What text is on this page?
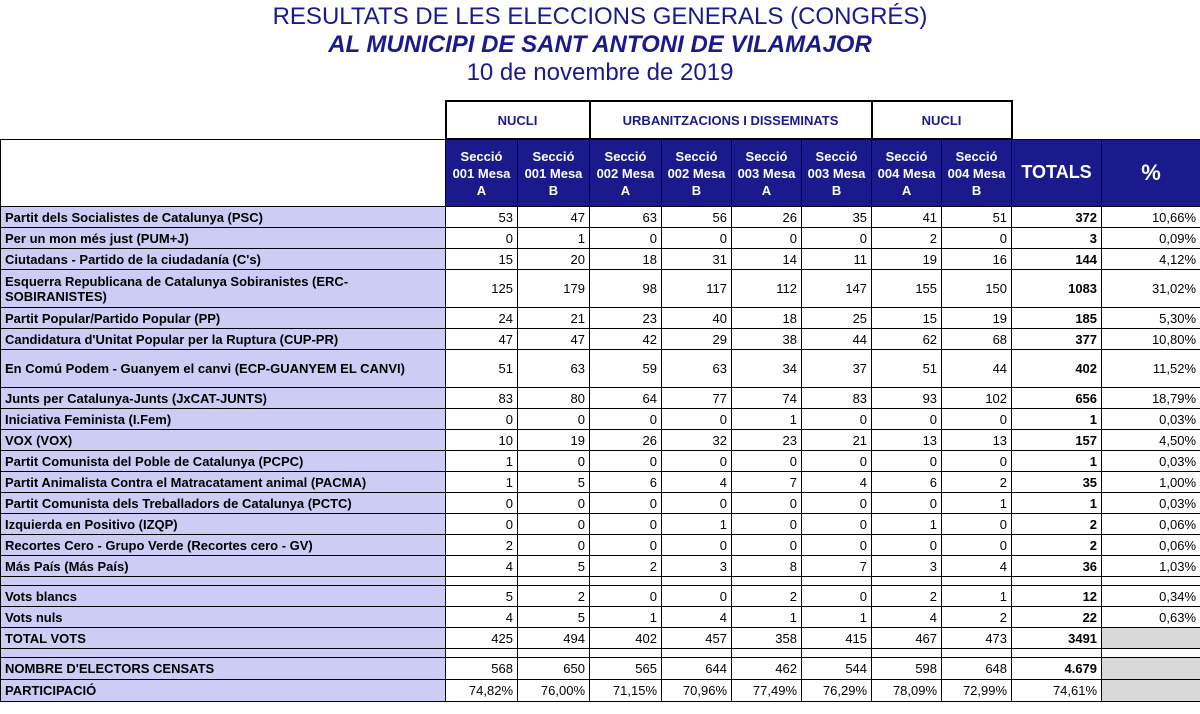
RESULTATS DE LES ELECCIONS GENERALS (CONGRÉS)
AL MUNICIPI DE SANT ANTONI DE VILAMAJOR
10 de novembre de 2019
	NUCLI		URBANITZACIONS I DISSEMINATS				NUCLI			
	Secció 001 Mesa A	Secció 001 Mesa B	Secció 002 Mesa A	Secció 002 Mesa B	Secció 003 Mesa A	Secció 003 Mesa B	Secció 004 Mesa A	Secció 004 Mesa B	TOTALS	%
Partit dels Socialistes de Catalunya (PSC)	53	47	63	56	26	35	41	51	372	10,66%
Per un mon més just (PUM+J)	0	1	0	0	0	0	2	0	3	0,09%
Ciutadans - Partido de la ciudadanía (C's)	15	20	18	31	14	11	19	16	144	4,12%
Esquerra Republicana de Catalunya Sobiranistes (ERC-SOBIRANISTES)	125	179	98	117	112	147	155	150	1083	31,02%
Partit Popular/Partido Popular (PP)	24	21	23	40	18	25	15	19	185	5,30%
Candidatura d'Unitat Popular per la Ruptura (CUP-PR)	47	47	42	29	38	44	62	68	377	10,80%
En Comú Podem - Guanyem el canvi (ECP-GUANYEM EL CANVI)	51	63	59	63	34	37	51	44	402	11,52%
Junts per Catalunya-Junts (JxCAT-JUNTS)	83	80	64	77	74	83	93	102	656	18,79%
Iniciativa Feminista (I.Fem)	0	0	0	0	1	0	0	0	1	0,03%
VOX (VOX)	10	19	26	32	23	21	13	13	157	4,50%
Partit Comunista del Poble de Catalunya (PCPC)	1	0	0	0	0	0	0	0	1	0,03%
Partit Animalista Contra el Matracatament animal (PACMA)	1	5	6	4	7	4	6	2	35	1,00%
Partit Comunista dels Treballadors de Catalunya (PCTC)	0	0	0	0	0	0	0	1	1	0,03%
Izquierda en Positivo (IZQP)	0	0	0	1	0	0	1	0	2	0,06%
Recortes Cero - Grupo Verde (Recortes cero - GV)	2	0	0	0	0	0	0	0	2	0,06%
Más País (Más País)	4	5	2	3	8	7	3	4	36	1,03%

Vots blancs	5	2	0	0	2	0	2	1	12	0,34%
Vots nuls	4	5	1	4	1	1	4	2	22	0,63%
TOTAL VOTS	425	494	402	457	358	415	467	473	3491	

NOMBRE D'ELECTORS CENSATS	568	650	565	644	462	544	598	648	4.679	
PARTICIPACIÓ	74,82%	76,00%	71,15%	70,96%	77,49%	76,29%	78,09%	72,99%	74,61%	
